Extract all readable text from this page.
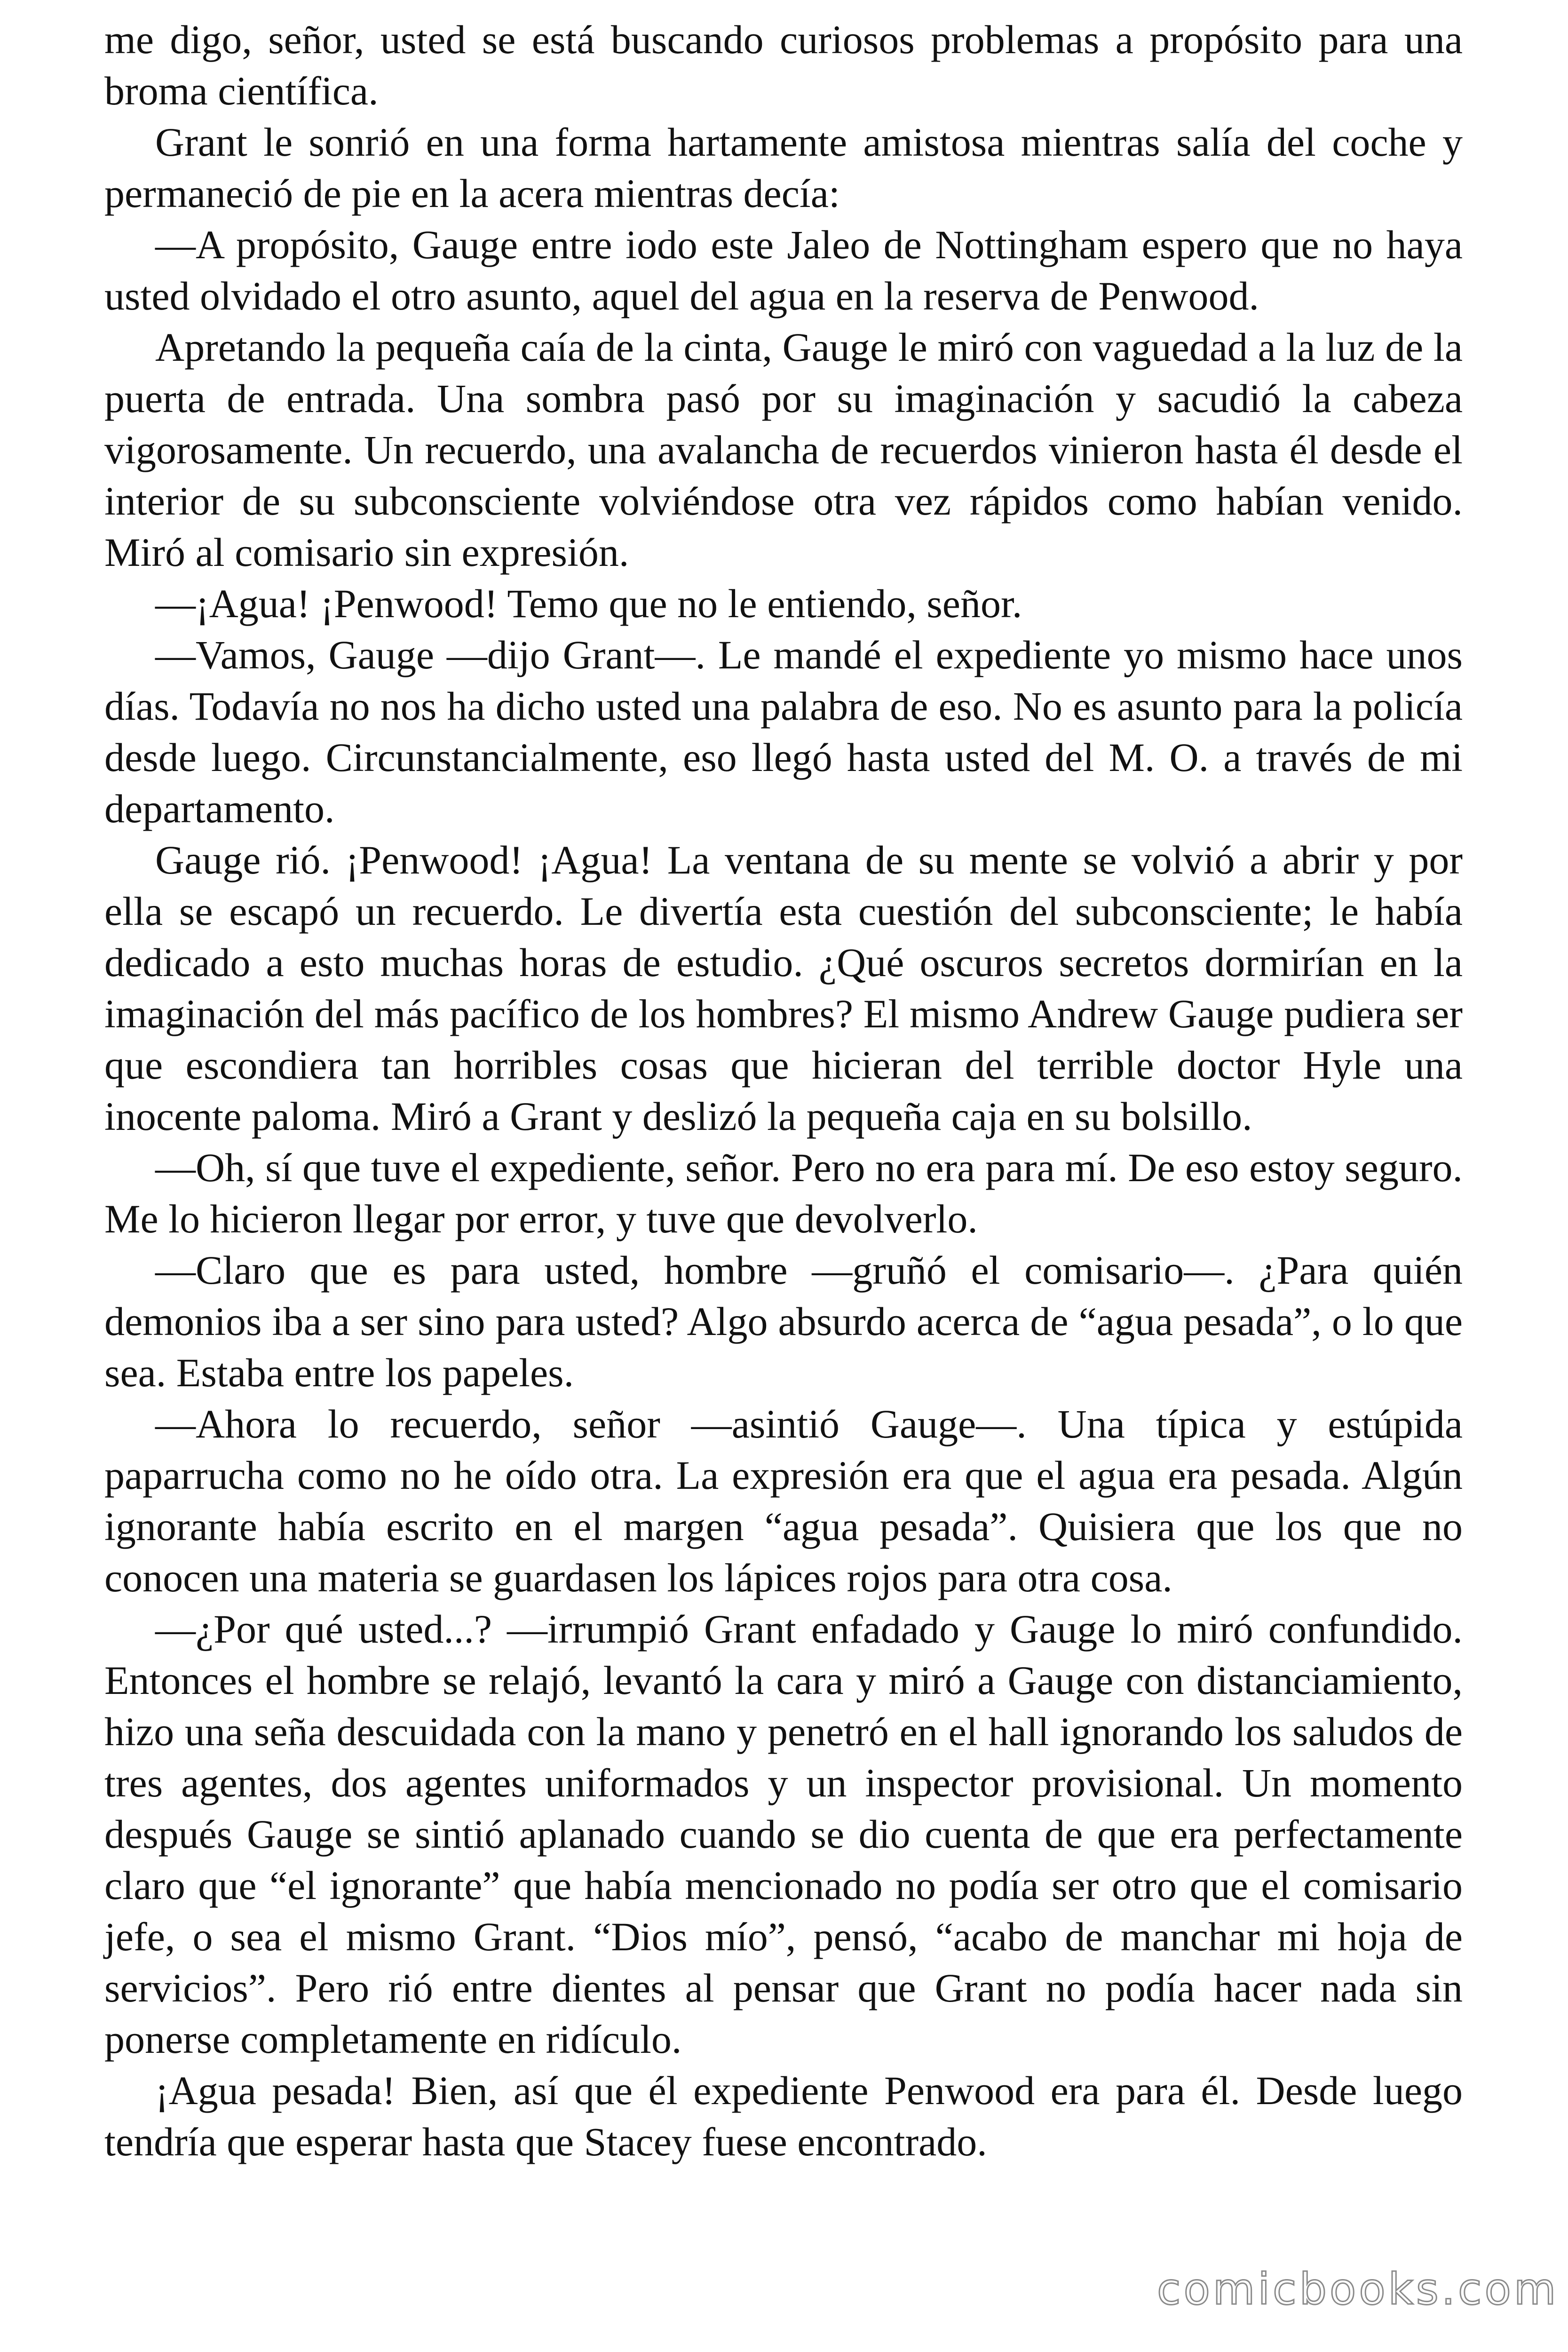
me digo, señor, usted se está buscando curiosos problemas a propósito para una broma científica.

Grant le sonrió en una forma hartamente amistosa mientras salía del coche y permaneció de pie en la acera mientras decía:

—A propósito, Gauge entre iodo este Jaleo de Nottingham espero que no haya usted olvidado el otro asunto, aquel del agua en la reserva de Penwood.

Apretando la pequeña caía de la cinta, Gauge le miró con vaguedad a la luz de la puerta de entrada. Una sombra pasó por su imaginación y sacudió la cabeza vigorosamente. Un recuerdo, una avalancha de recuerdos vinieron hasta él desde el interior de su subconsciente volviéndose otra vez rápidos como habían venido. Miró al comisario sin expresión.

—¡Agua! ¡Penwood! Temo que no le entiendo, señor.

—Vamos, Gauge —dijo Grant—. Le mandé el expediente yo mismo hace unos días. Todavía no nos ha dicho usted una palabra de eso. No es asunto para la policía desde luego. Circunstancialmente, eso llegó hasta usted del M. O. a través de mi departamento.

Gauge rió. ¡Penwood! ¡Agua! La ventana de su mente se volvió a abrir y por ella se escapó un recuerdo. Le divertía esta cuestión del subconsciente; le había dedicado a esto muchas horas de estudio. ¿Qué oscuros secretos dormirían en la imaginación del más pacífico de los hombres? El mismo Andrew Gauge pudiera ser que escondiera tan horribles cosas que hicieran del terrible doctor Hyle una inocente paloma. Miró a Grant y deslizó la pequeña caja en su bolsillo.

—Oh, sí que tuve el expediente, señor. Pero no era para mí. De eso estoy seguro. Me lo hicieron llegar por error, y tuve que devolverlo.

—Claro que es para usted, hombre —gruñó el comisario—. ¿Para quién demonios iba a ser sino para usted? Algo absurdo acerca de “agua pesada”, o lo que sea. Estaba entre los papeles.

—Ahora lo recuerdo, señor —asintió Gauge—. Una típica y estúpida paparrucha como no he oído otra. La expresión era que el agua era pesada. Algún ignorante había escrito en el margen “agua pesada”. Quisiera que los que no conocen una materia se guardasen los lápices rojos para otra cosa.

—¿Por qué usted...? —irrumpió Grant enfadado y Gauge lo miró confundido. Entonces el hombre se relajó, levantó la cara y miró a Gauge con distanciamiento, hizo una seña descuidada con la mano y penetró en el hall ignorando los saludos de tres agentes, dos agentes uniformados y un inspector provisional. Un momento después Gauge se sintió aplanado cuando se dio cuenta de que era perfectamente claro que “el ignorante” que había mencionado no podía ser otro que el comisario jefe, o sea el mismo Grant. “Dios mío”, pensó, “acabo de manchar mi hoja de servicios”. Pero rió entre dientes al pensar que Grant no podía hacer nada sin ponerse completamente en ridículo.

¡Agua pesada! Bien, así que él expediente Penwood era para él. Desde luego tendría que esperar hasta que Stacey fuese encontrado.

comicbooks.com
